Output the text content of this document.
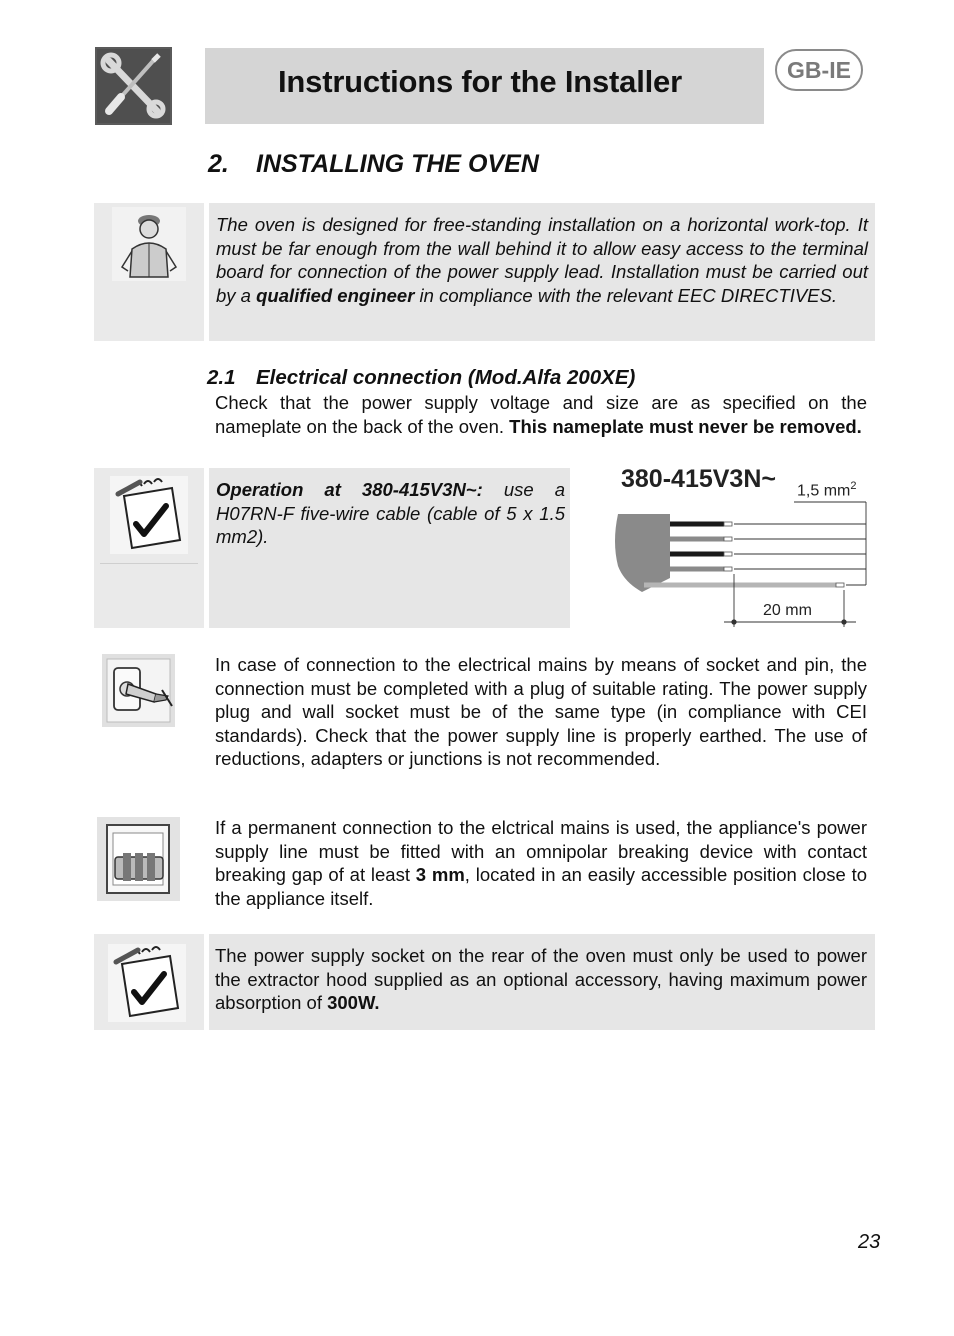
Instructions for the Installer	GB-IE
2. INSTALLING THE OVEN
The oven is designed for free-standing installation on a horizontal work-top. It must be far enough from the wall behind it to allow easy access to the terminal board for connection of the power supply lead. Installation must be carried out by a qualified engineer in compliance with the relevant EEC DIRECTIVES.
2.1 Electrical connection (Mod.Alfa 200XE)
Check that the power supply voltage and size are as specified on the nameplate on the back of the oven. This nameplate must never be removed.
Operation at 380-415V3N~: use a H07RN-F five-wire cable (cable of 5 x 1.5 mm2).
380-415V3N~ 1,5 $mm^2$
20 mm
In case of connection to the electrical mains by means of socket and pin, the connection must be completed with a plug of suitable rating. The power supply plug and wall socket must be of the same type (in compliance with CEI standards). Check that the power supply line is properly earthed. The use of reductions, adapters or junctions is not recommended.
If a permanent connection to the elctrical mains is used, the appliance's power supply line must be fitted with an omnipolar breaking device with contact breaking gap of at least 3 mm, located in an easily accessible position close to the appliance itself.
The power supply socket on the rear of the oven must only be used to power the extractor hood supplied as an optional accessory, having maximum power absorption of 300W.
23
